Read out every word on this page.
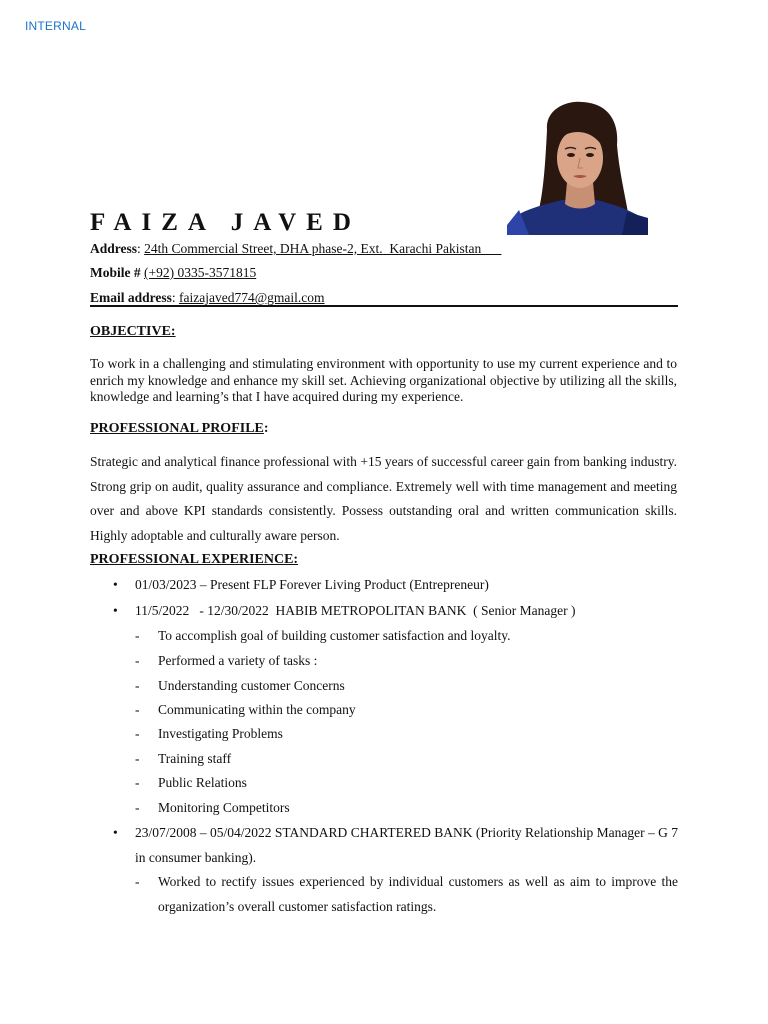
INTERNAL
FAIZA JAVED
Address: 24th Commercial Street, DHA phase-2, Ext.  Karachi Pakistan
Mobile # (+92) 0335-3571815
Email address: faizajaved774@gmail.com
OBJECTIVE:

To work in a challenging and stimulating environment with opportunity to use my current experience and to enrich my knowledge and enhance my skill set. Achieving organizational objective by utilizing all the skills, knowledge and learning’s that I have acquired during my experience.

PROFESSIONAL PROFILE:

Strategic and analytical finance professional with +15 years of successful career gain from banking industry. Strong grip on audit, quality assurance and compliance. Extremely well with time management and meeting over and above KPI standards consistently. Possess outstanding oral and written communication skills. Highly adoptable and culturally aware person.

PROFESSIONAL EXPERIENCE:
•	01/03/2023 – Present FLP Forever Living Product (Entrepreneur)
•	11/5/2022   - 12/30/2022  HABIB METROPOLITAN BANK  ( Senior Manager )
-	To accomplish goal of building customer satisfaction and loyalty.
-	Performed a variety of tasks :
-	Understanding customer Concerns
-	Communicating within the company
-	Investigating Problems
-	Training staff
-	Public Relations
-	Monitoring Competitors
•	23/07/2008 – 05/04/2022 STANDARD CHARTERED BANK (Priority Relationship Manager – G 7 in consumer banking).
-	Worked to rectify issues experienced by individual customers as well as aim to improve the organization’s overall customer satisfaction ratings.
